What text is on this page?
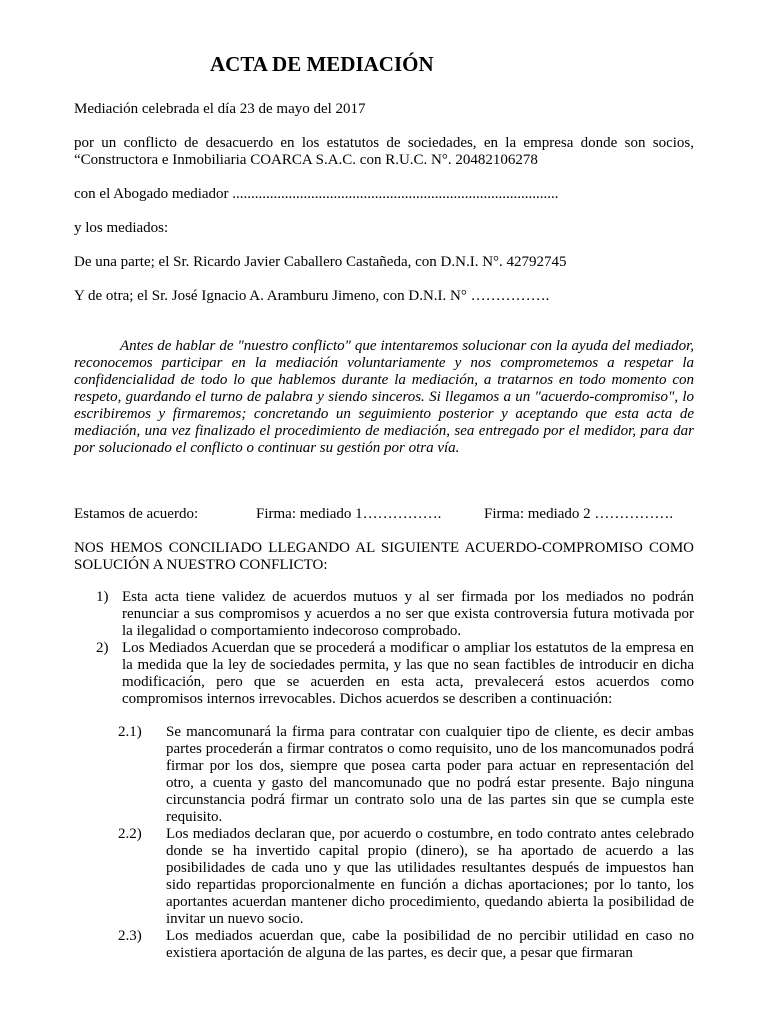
ACTA DE MEDIACIÓN
Mediación celebrada el día 23 de mayo del 2017
por un conflicto de desacuerdo en los estatutos de sociedades, en la empresa donde son socios, “Constructora e Inmobiliaria COARCA S.A.C. con R.U.C. N°. 20482106278
con el Abogado mediador .......................................................................................
y los mediados:
De una parte; el Sr. Ricardo Javier Caballero Castañeda, con D.N.I. N°. 42792745
Y de otra; el Sr. José Ignacio A. Aramburu Jimeno, con D.N.I. N° …………….
Antes de hablar de "nuestro conflicto" que intentaremos solucionar con la ayuda del mediador, reconocemos participar en la mediación voluntariamente y nos comprometemos a respetar la confidencialidad de todo lo que hablemos durante la mediación, a tratarnos en todo momento con respeto, guardando el turno de palabra y siendo sinceros. Si llegamos a un "acuerdo-compromiso", lo escribiremos y firmaremos; concretando un seguimiento posterior y aceptando que esta acta de mediación, una vez finalizado el procedimiento de mediación, sea entregado por el medidor, para dar por solucionado el conflicto o continuar su gestión por otra vía.
Estamos de acuerdo:	Firma: mediado 1…………….	Firma: mediado 2 …………….
NOS HEMOS CONCILIADO LLEGANDO AL SIGUIENTE ACUERDO-COMPROMISO COMO SOLUCIÓN A NUESTRO CONFLICTO:
1) Esta acta tiene validez de acuerdos mutuos y al ser firmada por los mediados no podrán renunciar a sus compromisos y acuerdos a no ser que exista controversia futura motivada por la ilegalidad o comportamiento indecoroso comprobado.
2) Los Mediados Acuerdan que se procederá a modificar o ampliar los estatutos de la empresa en la medida que la ley de sociedades permita, y las que no sean factibles de introducir en dicha modificación, pero que se acuerden en esta acta, prevalecerá estos acuerdos como compromisos internos irrevocables. Dichos acuerdos se describen a continuación:
2.1) Se mancomunará la firma para contratar con cualquier tipo de cliente, es decir ambas partes procederán a firmar contratos o como requisito, uno de los mancomunados podrá firmar por los dos, siempre que posea carta poder para actuar en representación del otro, a cuenta y gasto del mancomunado que no podrá estar presente. Bajo ninguna circunstancia podrá firmar un contrato solo una de las partes sin que se cumpla este requisito.
2.2) Los mediados declaran que, por acuerdo o costumbre, en todo contrato antes celebrado donde se ha invertido capital propio (dinero), se ha aportado de acuerdo a las posibilidades de cada uno y que las utilidades resultantes después de impuestos han sido repartidas proporcionalmente en función a dichas aportaciones; por lo tanto, los aportantes acuerdan mantener dicho procedimiento, quedando abierta la posibilidad de invitar un nuevo socio.
2.3) Los mediados acuerdan que, cabe la posibilidad de no percibir utilidad en caso no existiera aportación de alguna de las partes, es decir que, a pesar que firmaran
